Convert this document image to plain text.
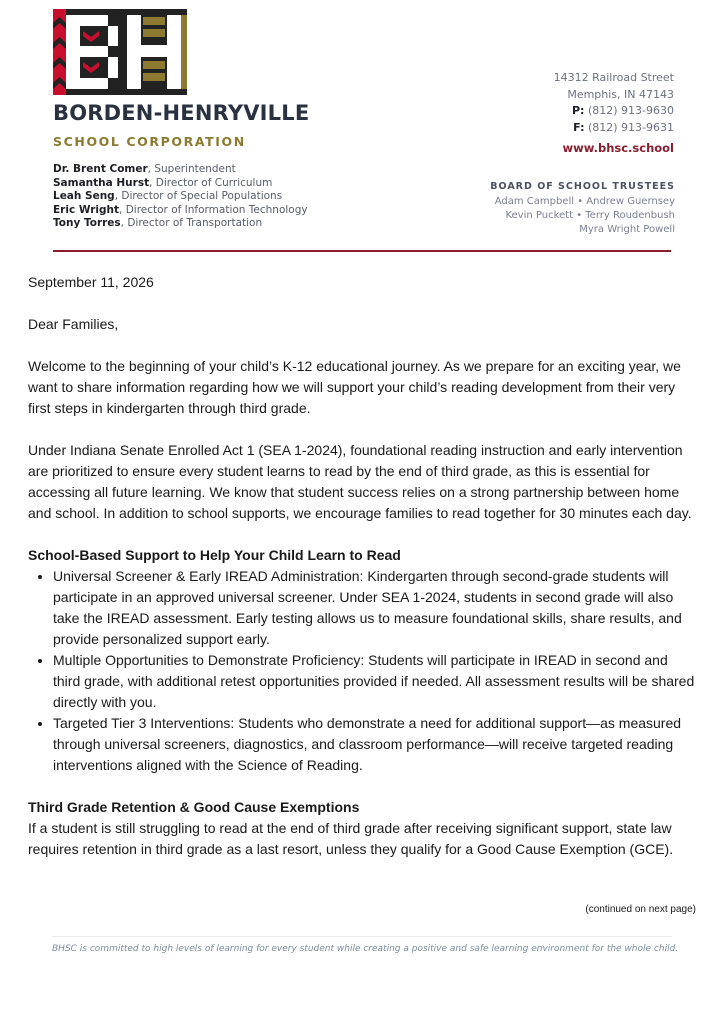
BORDEN-HENRYVILLE
SCHOOL CORPORATION
Dr. Brent Comer, Superintendent
Samantha Hurst, Director of Curriculum
Leah Seng, Director of Special Populations
Eric Wright, Director of Information Technology
Tony Torres, Director of Transportation
14312 Railroad Street
Memphis, IN 47143
P: (812) 913-9630
F: (812) 913-9631
www.bhsc.school
BOARD OF SCHOOL TRUSTEES
Adam Campbell • Andrew Guernsey
Kevin Puckett • Terry Roudenbush
Myra Wright Powell

September 11, 2026

Dear Families,

Welcome to the beginning of your child’s K-12 educational journey. As we prepare for an exciting year, we want to share information regarding how we will support your child’s reading development from their very first steps in kindergarten through third grade.

Under Indiana Senate Enrolled Act 1 (SEA 1-2024), foundational reading instruction and early intervention are prioritized to ensure every student learns to read by the end of third grade, as this is essential for accessing all future learning. We know that student success relies on a strong partnership between home and school. In addition to school supports, we encourage families to read together for 30 minutes each day.

School-Based Support to Help Your Child Learn to Read
• Universal Screener & Early IREAD Administration: Kindergarten through second-grade students will participate in an approved universal screener. Under SEA 1-2024, students in second grade will also take the IREAD assessment. Early testing allows us to measure foundational skills, share results, and provide personalized support early.
• Multiple Opportunities to Demonstrate Proficiency: Students will participate in IREAD in second and third grade, with additional retest opportunities provided if needed. All assessment results will be shared directly with you.
• Targeted Tier 3 Interventions: Students who demonstrate a need for additional support—as measured through universal screeners, diagnostics, and classroom performance—will receive targeted reading interventions aligned with the Science of Reading.
Third Grade Retention & Good Cause Exemptions

If a student is still struggling to read at the end of third grade after receiving significant support, state law requires retention in third grade as a last resort, unless they qualify for a Good Cause Exemption (GCE).

(continued on next page)
BHSC is committed to high levels of learning for every student while creating a positive and safe learning environment for the whole child.
